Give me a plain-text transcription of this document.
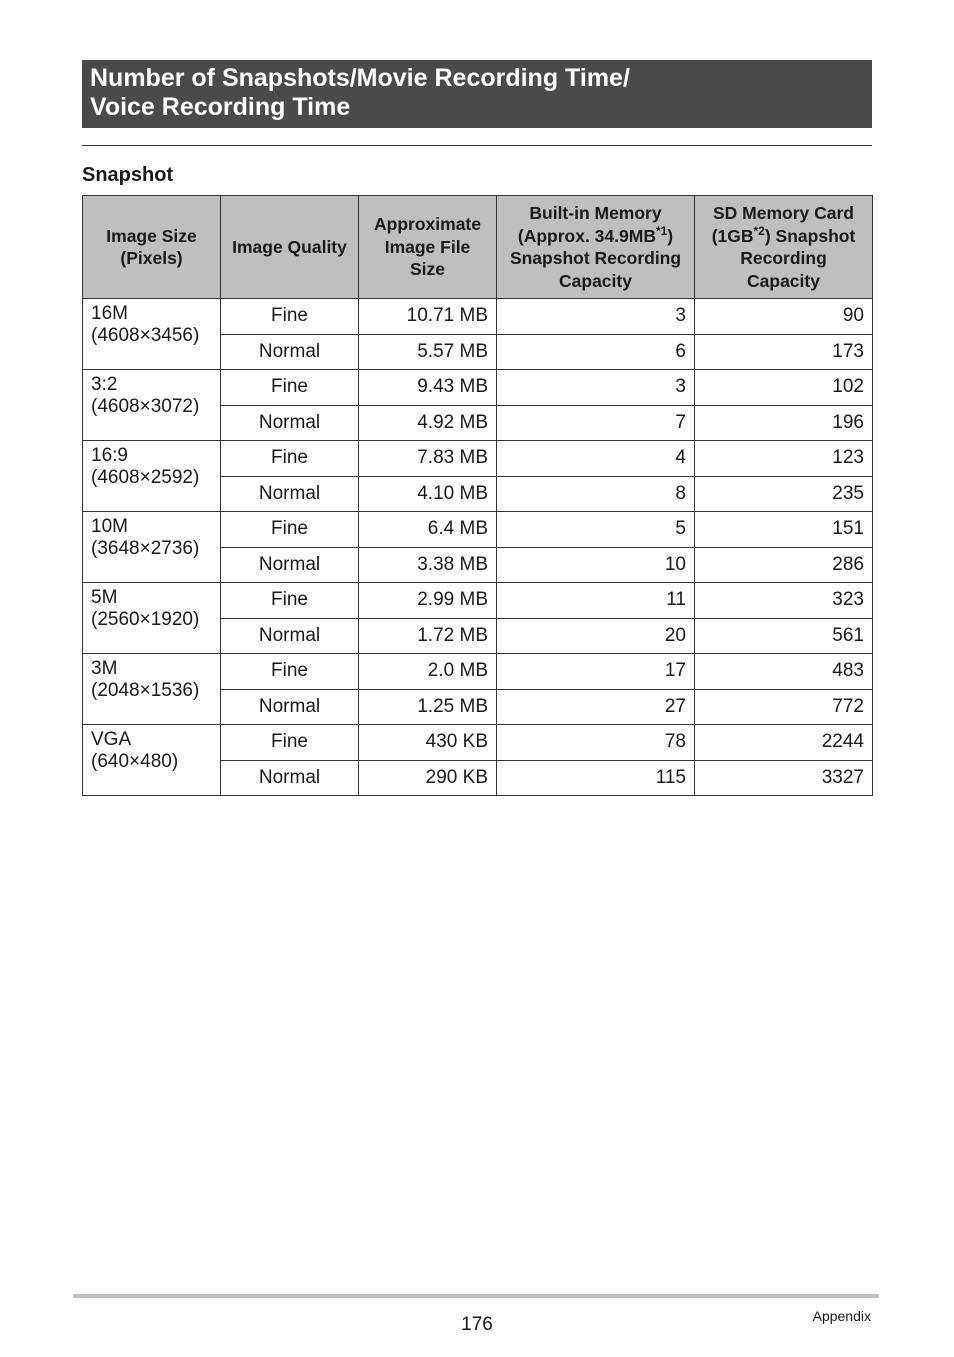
Number of Snapshots/Movie Recording Time/
Voice Recording Time
Snapshot
Image Size
(Pixels)	Image Quality	Approximate
Image File
Size	Built-in Memory
(Approx. 34.9MB$^{*1}$)
Snapshot Recording
Capacity	SD Memory Card
(1GB$^{*2}$) Snapshot
Recording
Capacity
16M
(4608×3456)	Fine	10.71 MB	3	90
	Normal	5.57 MB	6	173
3:2
(4608×3072)	Fine	9.43 MB	3	102
	Normal	4.92 MB	7	196
16:9
(4608×2592)	Fine	7.83 MB	4	123
	Normal	4.10 MB	8	235
10M
(3648×2736)	Fine	6.4 MB	5	151
	Normal	3.38 MB	10	286
5M
(2560×1920)	Fine	2.99 MB	11	323
	Normal	1.72 MB	20	561
3M
(2048×1536)	Fine	2.0 MB	17	483
	Normal	1.25 MB	27	772
VGA
(640×480)	Fine	430 KB	78	2244
	Normal	290 KB	115	3327
176	Appendix
